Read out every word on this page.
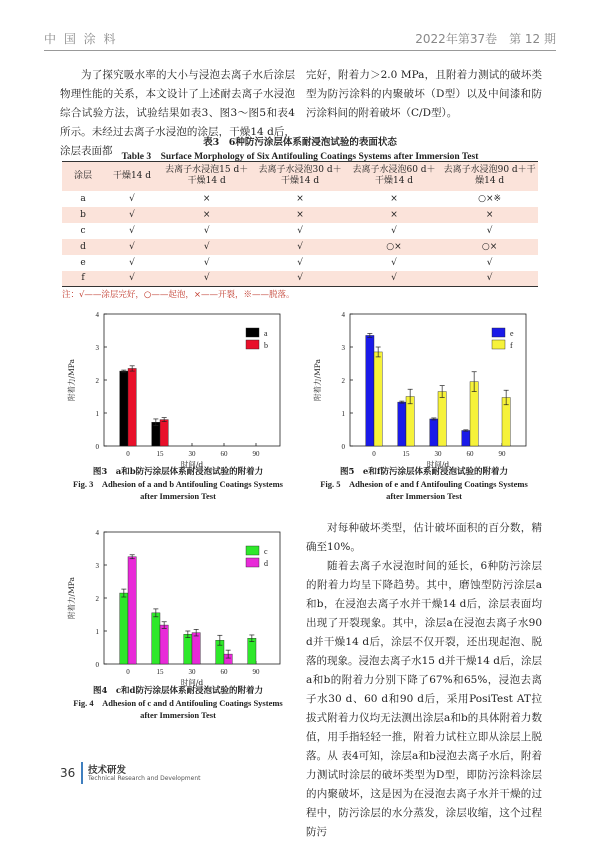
中 国 涂 料	2022年第37卷　第 12 期

为了探究吸水率的大小与浸泡去离子水后涂层物理性能的关系，本文设计了上述耐去离子水浸泡综合试验方法，试验结果如表3、图3～图5和表4所示。未经过去离子水浸泡的涂层，干燥14 d后，涂层表面都

完好，附着力＞2.0 MPa，且附着力测试的破坏类型为防污涂料的内聚破坏（D型）以及中间漆和防污涂料间的附着破坏（C/D型）。

表3　6种防污涂层体系耐浸泡试验的表面状态
Table 3　Surface Morphology of Six Antifouling Coatings Systems after Immersion Test
涂层	干燥14 d	去离子水浸泡15 d＋干燥14 d	去离子水浸泡30 d＋干燥14 d	去离子水浸泡60 d＋干燥14 d	去离子水浸泡90 d＋干燥14 d
a	√	×	×	×	○×※
b	√	×	×	×	×
c	√	√	√	√	√
d	√	√	√	○×	○×
e	√	√	√	√	√
f	√	√	√	√	√
注：√——涂层完好，○——起泡，×——开裂，※——脱落。
0
1
2
3
4
附着力/MPa
0	15	30	60	90
时间/d
a
b
0
1
2
3
4
附着力/MPa
0	15	30	60	90
时间/d
c
d
0
1
2
3
4
附着力/MPa
0	15	30	60	90
时间/d
e
f
图3　a和b防污涂层体系耐浸泡试验的附着力
Fig. 3　Adhesion of a and b Antifouling Coatings Systems
after Immersion Test
图4　c和d防污涂层体系耐浸泡试验的附着力
Fig. 4　Adhesion of c and d Antifouling Coatings Systems
after Immersion Test
图5　e和f防污涂层体系耐浸泡试验的附着力
Fig. 5　Adhesion of e and f Antifouling Coatings Systems
after Immersion Test

对每种破坏类型，估计破坏面积的百分数，精确至10%。

随着去离子水浸泡时间的延长，6种防污涂层的附着力均呈下降趋势。其中，磨蚀型防污涂层a和b，在浸泡去离子水并干燥14 d后，涂层表面均出现了开裂现象。其中，涂层a在浸泡去离子水90 d并干燥14 d后，涂层不仅开裂，还出现起泡、脱落的现象。浸泡去离子水15 d并干燥14 d后，涂层a和b的附着力分别下降了67%和65%，浸泡去离子水30 d、60 d和90 d后，采用PosiTest AT拉拔式附着力仪均无法测出涂层a和b的具体附着力数值，用手指轻轻一推，附着力试柱立即从涂层上脱落。从 表4可知，涂层a和b浸泡去离子水后，附着力测试时涂层的破坏类型为D型，即防污涂料涂层的内聚破坏，这是因为在浸泡去离子水并干燥的过程中，防污涂层的水分蒸发，涂层收缩，这个过程防污

36 技术研发
Technical Research and Development
